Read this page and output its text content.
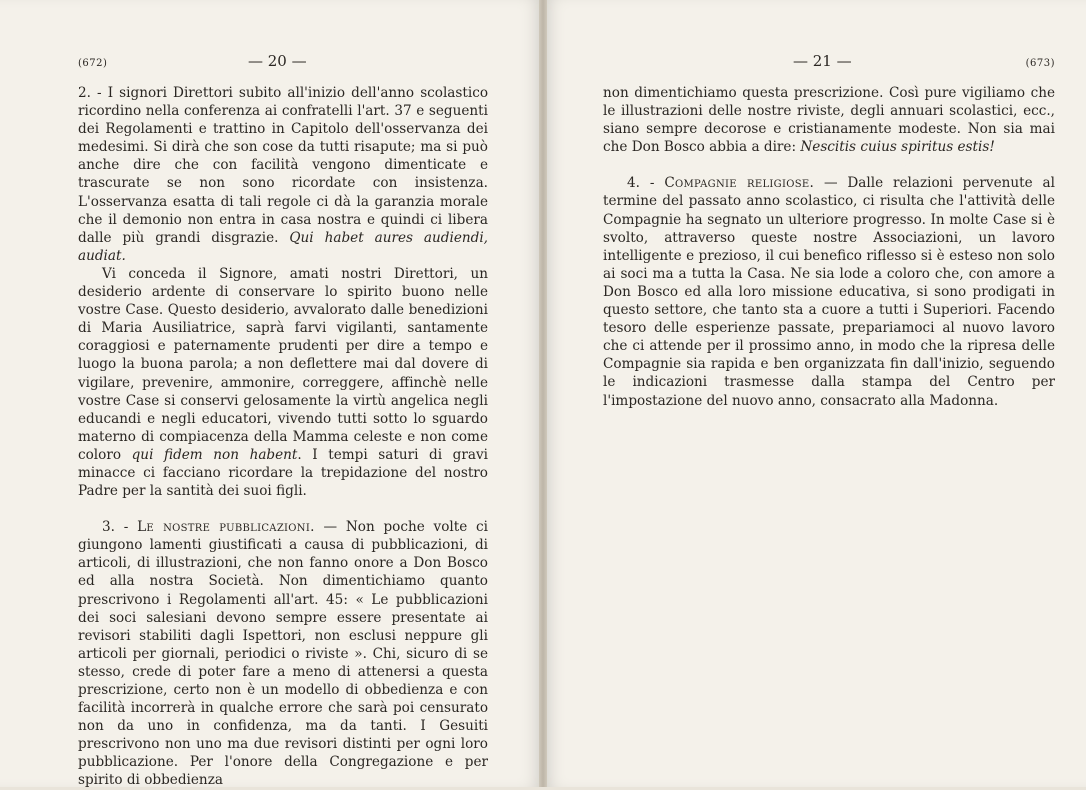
(672)	— 20 —

2. - I signori Direttori subito all'inizio dell'anno scolastico ricordino nella conferenza ai confratelli l'art. 37 e seguenti dei Regolamenti e trattino in Capitolo dell'osservanza dei medesimi. Si dirà che son cose da tutti risapute; ma si può anche dire che con facilità vengono dimenticate e trascurate se non sono ricordate con insistenza. L'osservanza esatta di tali regole ci dà la garanzia morale che il demonio non entra in casa nostra e quindi ci libera dalle più grandi disgrazie. Qui habet aures audiendi, audiat.

Vi conceda il Signore, amati nostri Direttori, un desiderio ardente di conservare lo spirito buono nelle vostre Case. Questo desiderio, avvalorato dalle benedizioni di Maria Ausiliatrice, saprà farvi vigilanti, santamente coraggiosi e paternamente prudenti per dire a tempo e luogo la buona parola; a non deflettere mai dal dovere di vigilare, prevenire, ammonire, correggere, affinchè nelle vostre Case si conservi gelosamente la virtù angelica negli educandi e negli educatori, vivendo tutti sotto lo sguardo materno di compiacenza della Mamma celeste e non come coloro qui fidem non habent. I tempi saturi di gravi minacce ci facciano ricordare la trepidazione del nostro Padre per la santità dei suoi figli.

3. - Le nostre pubblicazioni. — Non poche volte ci giungono lamenti giustificati a causa di pubblicazioni, di articoli, di illustrazioni, che non fanno onore a Don Bosco ed alla nostra Società. Non dimentichiamo quanto prescrivono i Regolamenti all'art. 45: « Le pubblicazioni dei soci salesiani devono sempre essere presentate ai revisori stabiliti dagli Ispettori, non esclusi neppure gli articoli per giornali, periodici o riviste ». Chi, sicuro di se stesso, crede di poter fare a meno di attenersi a questa prescrizione, certo non è un modello di obbedienza e con facilità incorrerà in qualche errore che sarà poi censurato non da uno in confidenza, ma da tanti. I Gesuiti prescrivono non uno ma due revisori distinti per ogni loro pubblicazione. Per l'onore della Congregazione e per spirito di obbedienza

— 21 —	(673)

non dimentichiamo questa prescrizione. Così pure vigiliamo che le illustrazioni delle nostre riviste, degli annuari scolastici, ecc., siano sempre decorose e cristianamente modeste. Non sia mai che Don Bosco abbia a dire: Nescitis cuius spiritus estis!

4. - Compagnie religiose. — Dalle relazioni pervenute al termine del passato anno scolastico, ci risulta che l'attività delle Compagnie ha segnato un ulteriore progresso. In molte Case si è svolto, attraverso queste nostre Associazioni, un lavoro intelligente e prezioso, il cui benefico riflesso si è esteso non solo ai soci ma a tutta la Casa. Ne sia lode a coloro che, con amore a Don Bosco ed alla loro missione educativa, si sono prodigati in questo settore, che tanto sta a cuore a tutti i Superiori. Facendo tesoro delle esperienze passate, prepariamoci al nuovo lavoro che ci attende per il prossimo anno, in modo che la ripresa delle Compagnie sia rapida e ben organizzata fin dall'inizio, seguendo le indicazioni trasmesse dalla stampa del Centro per l'impostazione del nuovo anno, consacrato alla Madonna.
